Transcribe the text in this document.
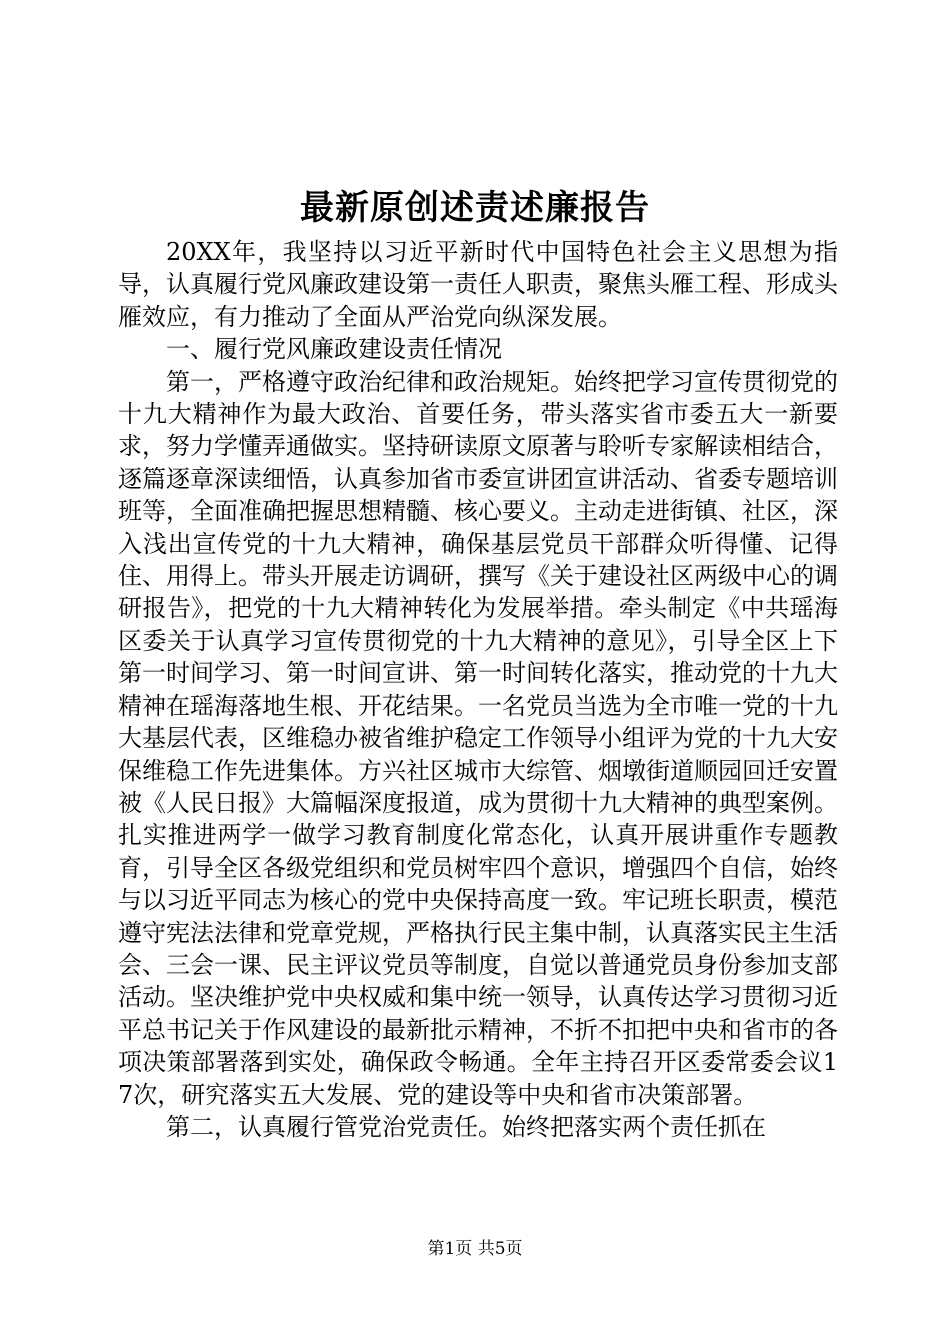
最新原创述责述廉报告

20XX年，我坚持以习近平新时代中国特色社会主义思想为指导，认真履行党风廉政建设第一责任人职责，聚焦头雁工程、形成头雁效应，有力推动了全面从严治党向纵深发展。

一、履行党风廉政建设责任情况

第一，严格遵守政治纪律和政治规矩。始终把学习宣传贯彻党的十九大精神作为最大政治、首要任务，带头落实省市委五大一新要求，努力学懂弄通做实。坚持研读原文原著与聆听专家解读相结合，逐篇逐章深读细悟，认真参加省市委宣讲团宣讲活动、省委专题培训班等，全面准确把握思想精髓、核心要义。主动走进街镇、社区，深入浅出宣传党的十九大精神，确保基层党员干部群众听得懂、记得住、用得上。带头开展走访调研，撰写《关于建设社区两级中心的调研报告》，把党的十九大精神转化为发展举措。牵头制定《中共瑶海区委关于认真学习宣传贯彻党的十九大精神的意见》，引导全区上下第一时间学习、第一时间宣讲、第一时间转化落实，推动党的十九大精神在瑶海落地生根、开花结果。一名党员当选为全市唯一党的十九大基层代表，区维稳办被省维护稳定工作领导小组评为党的十九大安保维稳工作先进集体。方兴社区城市大综管、烟墩街道顺园回迁安置被《人民日报》大篇幅深度报道，成为贯彻十九大精神的典型案例。扎实推进两学一做学习教育制度化常态化，认真开展讲重作专题教育，引导全区各级党组织和党员树牢四个意识，增强四个自信，始终与以习近平同志为核心的党中央保持高度一致。牢记班长职责，模范遵守宪法法律和党章党规，严格执行民主集中制，认真落实民主生活会、三会一课、民主评议党员等制度，自觉以普通党员身份参加支部活动。坚决维护党中央权威和集中统一领导，认真传达学习贯彻习近平总书记关于作风建设的最新批示精神，不折不扣把中央和省市的各项决策部署落到实处，确保政令畅通。全年主持召开区委常委会议17次，研究落实五大发展、党的建设等中央和省市决策部署。

第二，认真履行管党治党责任。始终把落实两个责任抓在

第1页 共5页
